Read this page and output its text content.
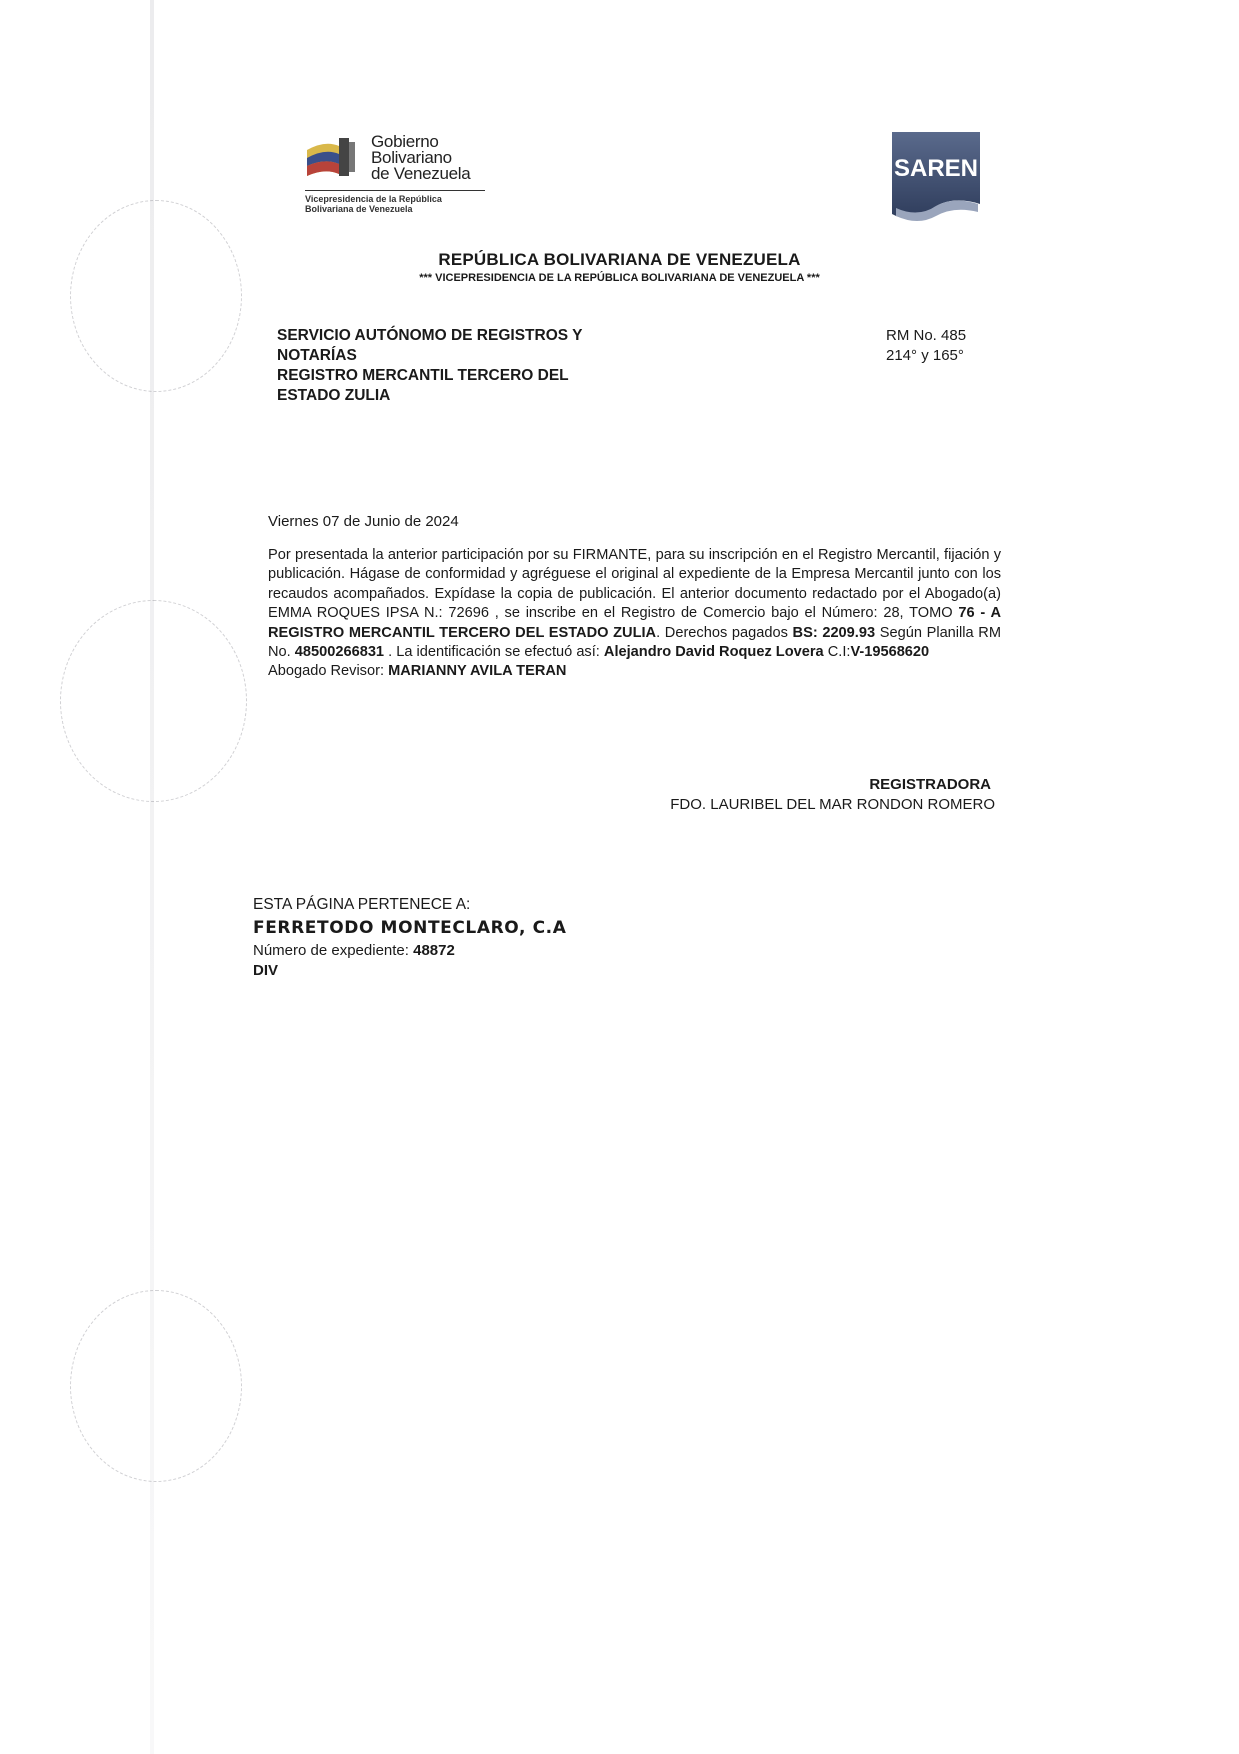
Gobierno
Bolivariano
de Venezuela
Vicepresidencia de la República
Bolivariana de Venezuela
SAREN
REPÚBLICA BOLIVARIANA DE VENEZUELA
*** VICEPRESIDENCIA DE LA REPÚBLICA BOLIVARIANA DE VENEZUELA ***
SERVICIO AUTÓNOMO DE REGISTROS Y
NOTARÍAS
REGISTRO MERCANTIL TERCERO DEL
ESTADO ZULIA
RM No. 485
214° y 165°
Viernes 07 de Junio de 2024

Por presentada la anterior participación por su FIRMANTE, para su inscripción en el Registro Mercantil, fijación y publicación. Hágase de conformidad y agréguese el original al expediente de la Empresa Mercantil junto con los recaudos acompañados. Expídase la copia de publicación. El anterior documento redactado por el Abogado(a) EMMA ROQUES IPSA N.: 72696 , se inscribe en el Registro de Comercio bajo el Número: 28, TOMO 76 - A REGISTRO MERCANTIL TERCERO DEL ESTADO ZULIA. Derechos pagados BS: 2209.93 Según Planilla RM No. 48500266831 . La identificación se efectuó así: Alejandro David Roquez Lovera C.I:V-19568620

Abogado Revisor: MARIANNY AVILA TERAN

REGISTRADORA
FDO. LAURIBEL DEL MAR RONDON ROMERO
ESTA PÁGINA PERTENECE A:
FERRETODO MONTECLARO, C.A
Número de expediente: 48872
DIV
